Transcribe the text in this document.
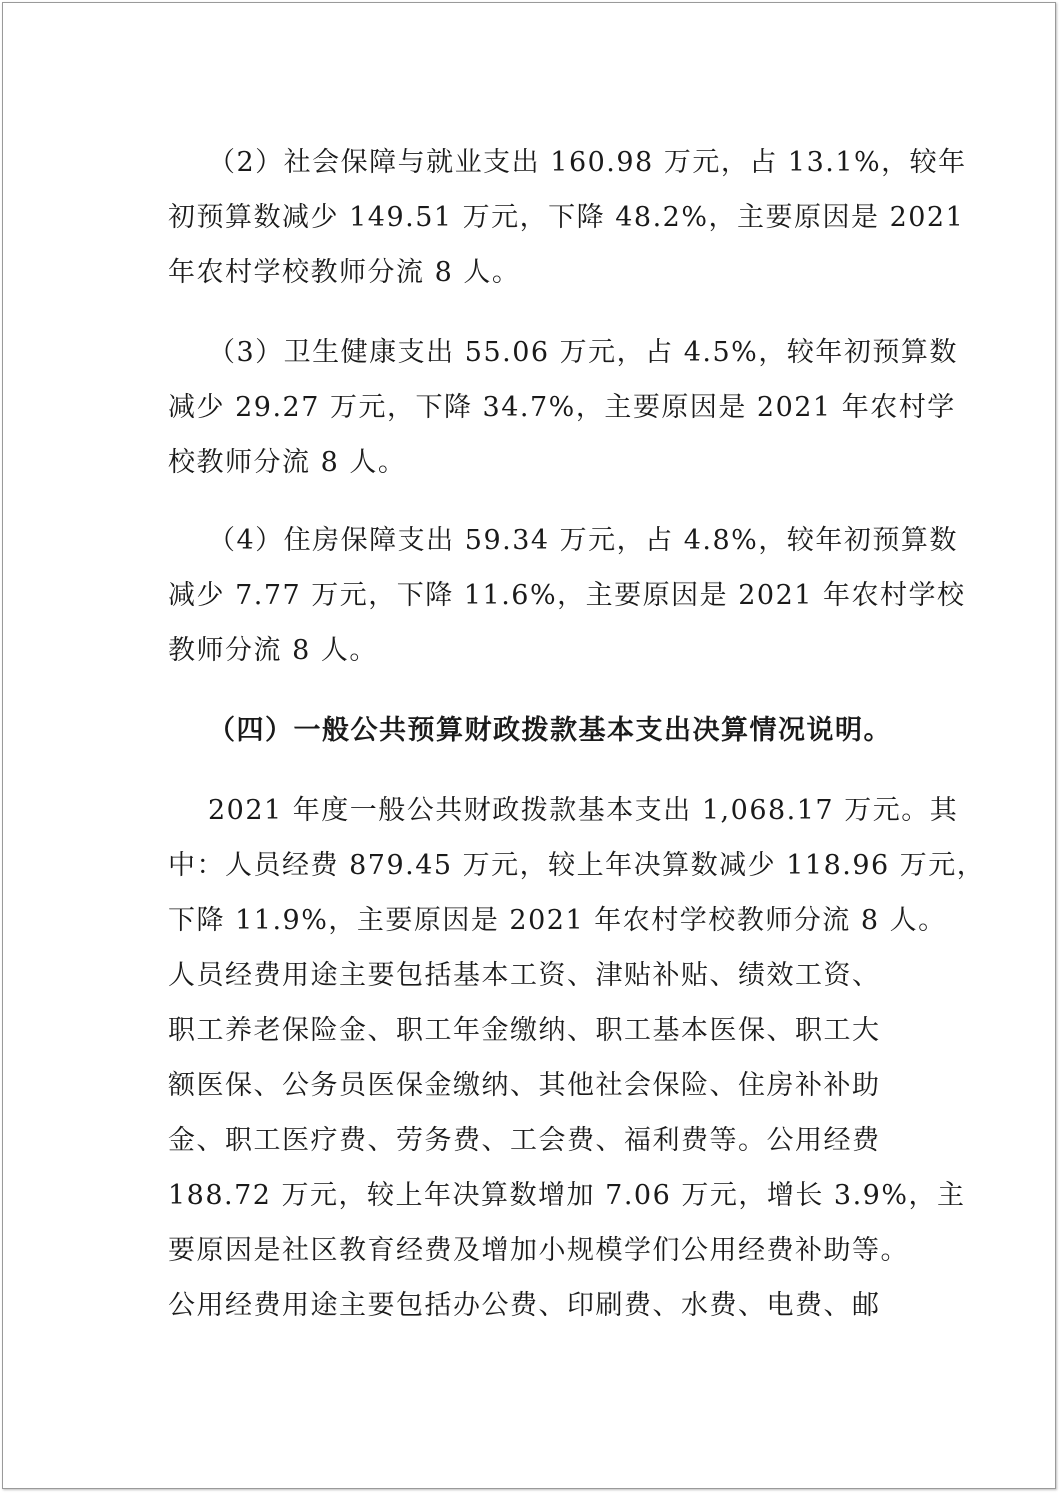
（2）社会保障与就业支出 160.98 万元，占 13.1%，较年
初预算数减少 149.51 万元，下降 48.2%，主要原因是 2021
年农村学校教师分流 8 人。
（3）卫生健康支出 55.06 万元，占 4.5%，较年初预算数
减少 29.27 万元，下降 34.7%，主要原因是 2021 年农村学
校教师分流 8 人。
（4）住房保障支出 59.34 万元，占 4.8%，较年初预算数
减少 7.77 万元，下降 11.6%，主要原因是 2021 年农村学校
教师分流 8 人。
（四）一般公共预算财政拨款基本支出决算情况说明。
2021 年度一般公共财政拨款基本支出 1,068.17 万元。其
中：人员经费 879.45 万元，较上年决算数减少 118.96 万元，
下降 11.9%，主要原因是 2021 年农村学校教师分流 8 人。
人员经费用途主要包括基本工资、津贴补贴、绩效工资、
职工养老保险金、职工年金缴纳、职工基本医保、职工大
额医保、公务员医保金缴纳、其他社会保险、住房补补助
金、职工医疗费、劳务费、工会费、福利费等。公用经费
188.72 万元，较上年决算数增加 7.06 万元，增长 3.9%，主
要原因是社区教育经费及增加小规模学们公用经费补助等。
公用经费用途主要包括办公费、印刷费、水费、电费、邮
